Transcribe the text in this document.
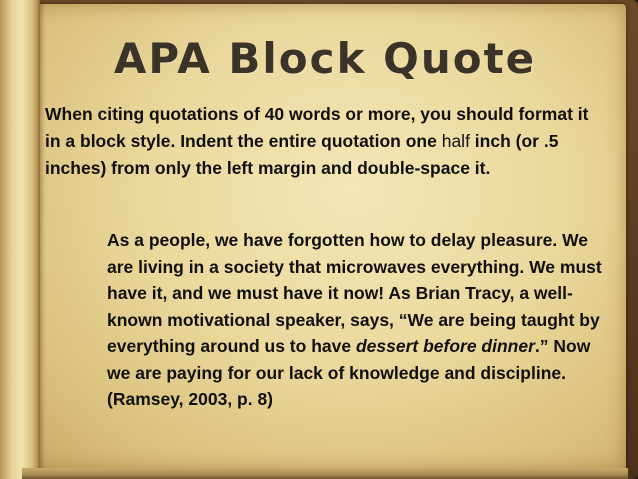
APA Block Quote
When citing quotations of 40 words or more, you should format it in a block style. Indent the entire quotation one half inch (or .5 inches) from only the left margin and double-space it.
As a people, we have forgotten how to delay pleasure. We are living in a society that microwaves everything. We must have it, and we must have it now! As Brian Tracy, a well-known motivational speaker, says, “We are being taught by everything around us to have dessert before dinner.” Now we are paying for our lack of knowledge and discipline. (Ramsey, 2003, p. 8)
